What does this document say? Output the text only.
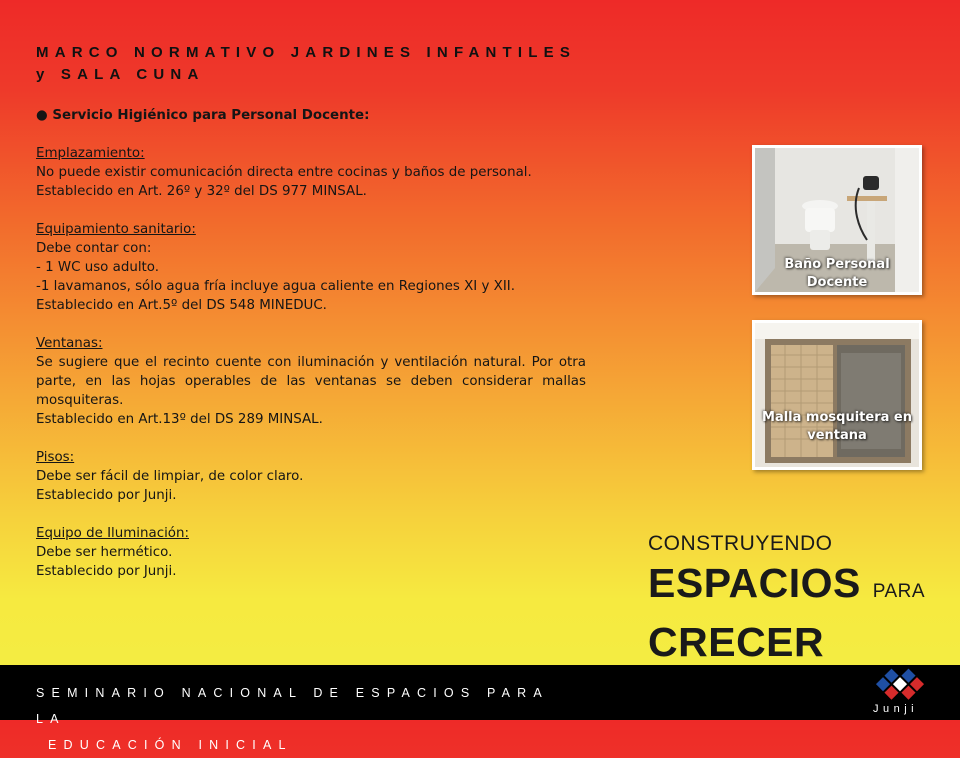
MARCO NORMATIVO JARDINES INFANTILES y SALA CUNA
● Servicio Higiénico para Personal Docente:
Emplazamiento:
No puede existir comunicación directa entre cocinas y baños de personal.
Establecido en Art. 26º y 32º del DS 977 MINSAL.
Equipamiento sanitario:
Debe contar con:
- 1 WC uso adulto.
-1 lavamanos, sólo agua fría incluye agua caliente en Regiones XI y XII.
Establecido en Art.5º del DS 548 MINEDUC.
Ventanas:
Se sugiere que el recinto cuente con iluminación y ventilación natural. Por otra parte, en las hojas operables de las ventanas se deben considerar mallas mosquiteras.
Establecido en Art.13º del DS 289 MINSAL.
Pisos:
Debe ser fácil de limpiar, de color claro.
Establecido por Junji.
Equipo de Iluminación:
Debe ser hermético.
Establecido por Junji.
Baño Personal Docente
Malla mosquitera en ventana
CONSTRUYENDO
ESPACIOS PARA
CRECER
SEMINARIO NACIONAL DE ESPACIOS PARA LA
EDUCACIÓN INICIAL
Junji
